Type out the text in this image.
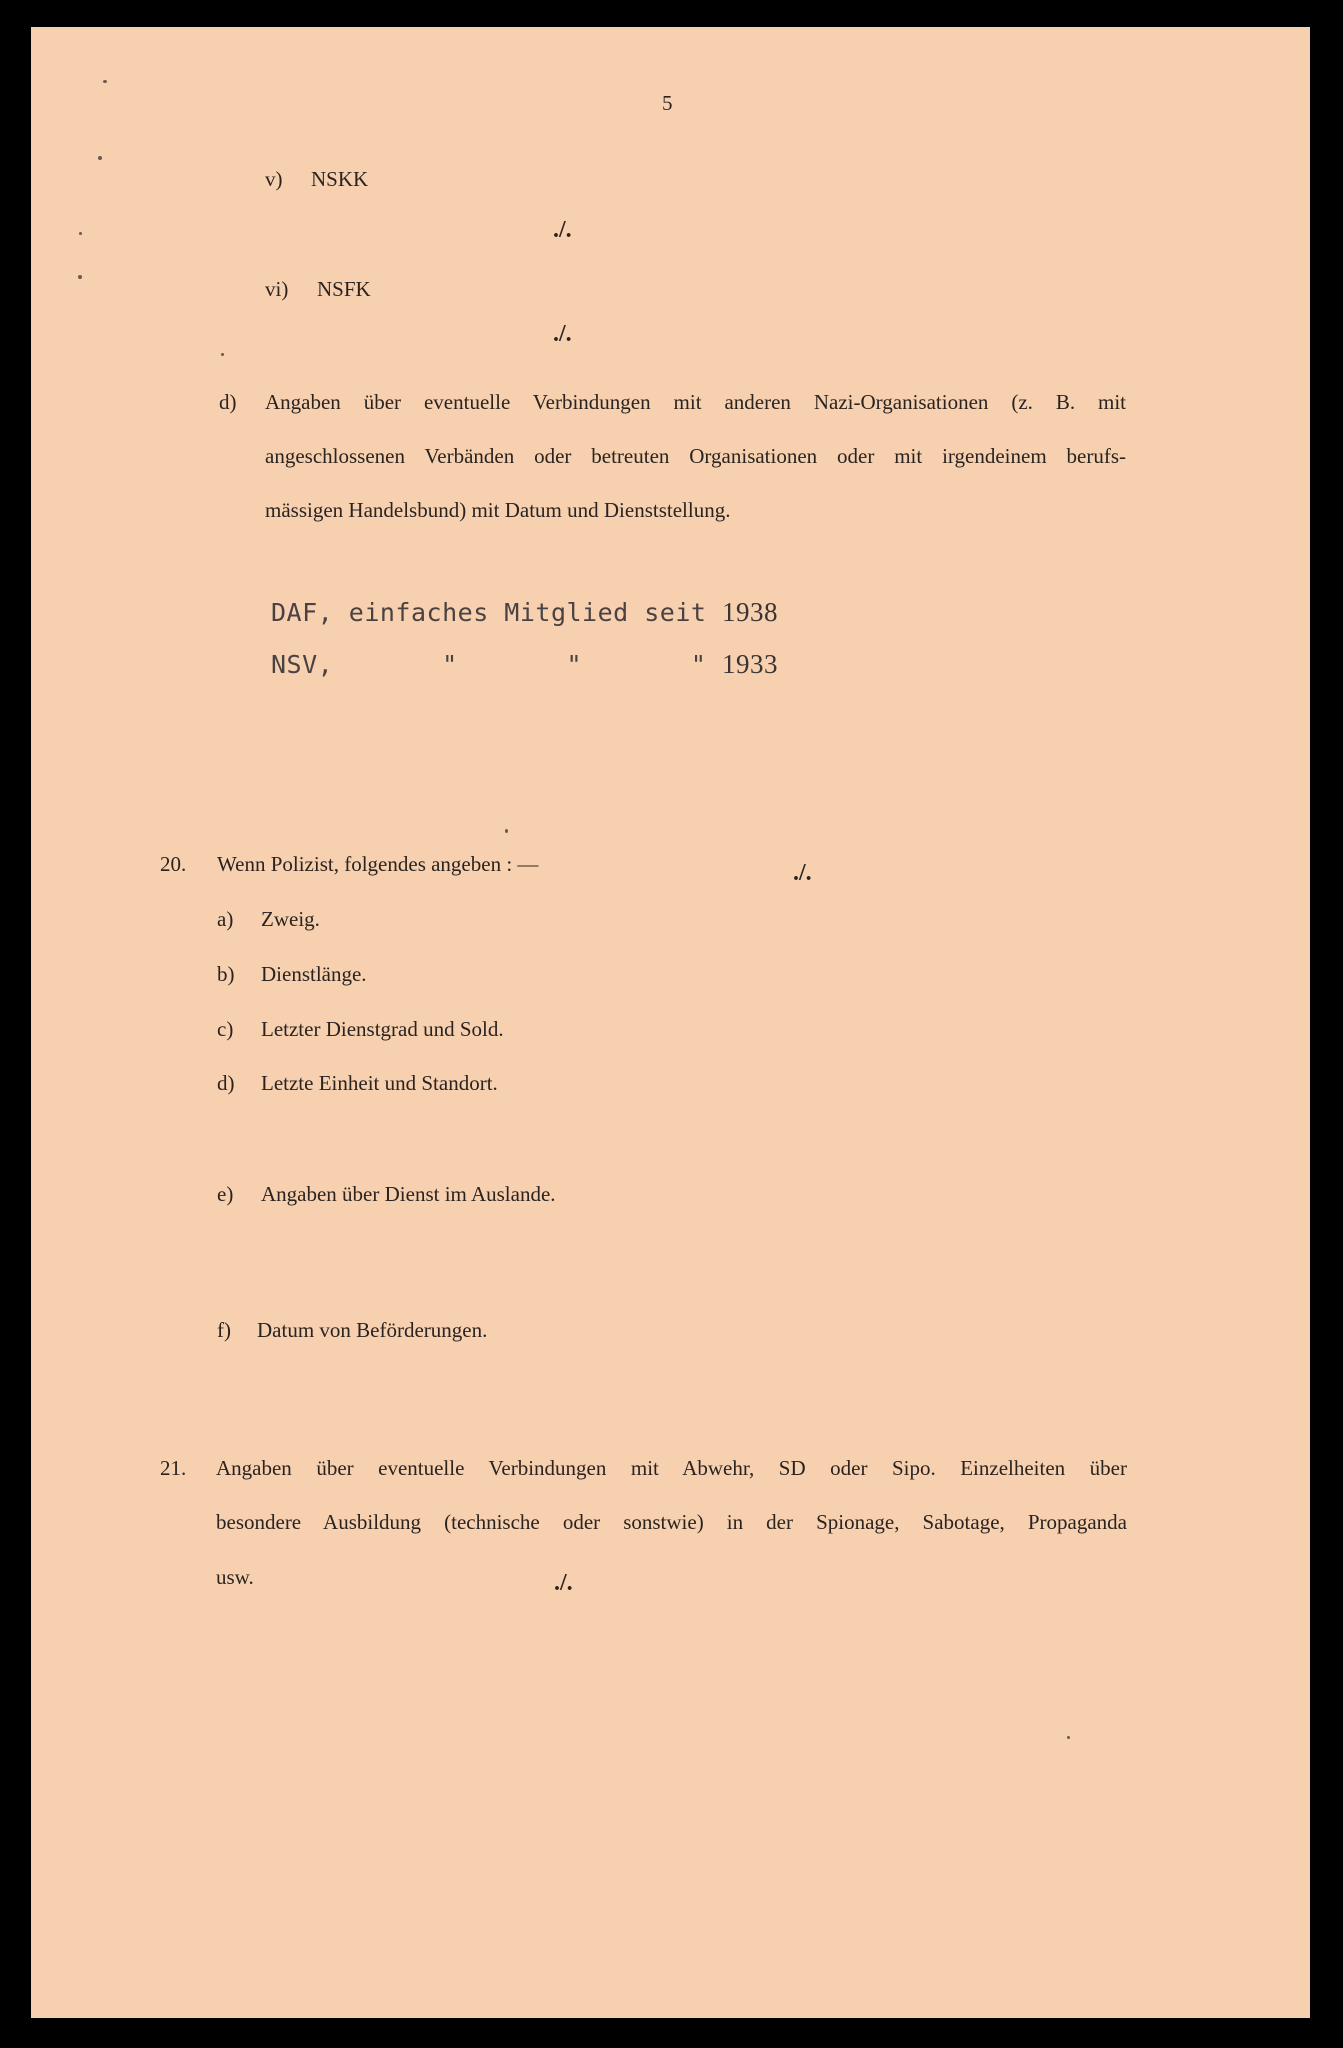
5
v) NSKK
./.
vi) NSFK
./.
d) Angaben über eventuelle Verbindungen mit anderen Nazi-Organisationen (z. B. mit
angeschlossenen Verbänden oder betreuten Organisationen oder mit irgendeinem berufs-
mässigen Handelsbund) mit Datum und Dienststellung.
DAF, einfaches Mitglied seit 1938
NSV,	"	"	" 1933
20. Wenn Polizist, folgendes angeben : —	./.
a) Zweig.
b) Dienstlänge.
c) Letzter Dienstgrad und Sold.
d) Letzte Einheit und Standort.
e) Angaben über Dienst im Auslande.
f) Datum von Beförderungen.
21. Angaben über eventuelle Verbindungen mit Abwehr, SD oder Sipo. Einzelheiten über
besondere Ausbildung (technische oder sonstwie) in der Spionage, Sabotage, Propaganda
usw.	./.
